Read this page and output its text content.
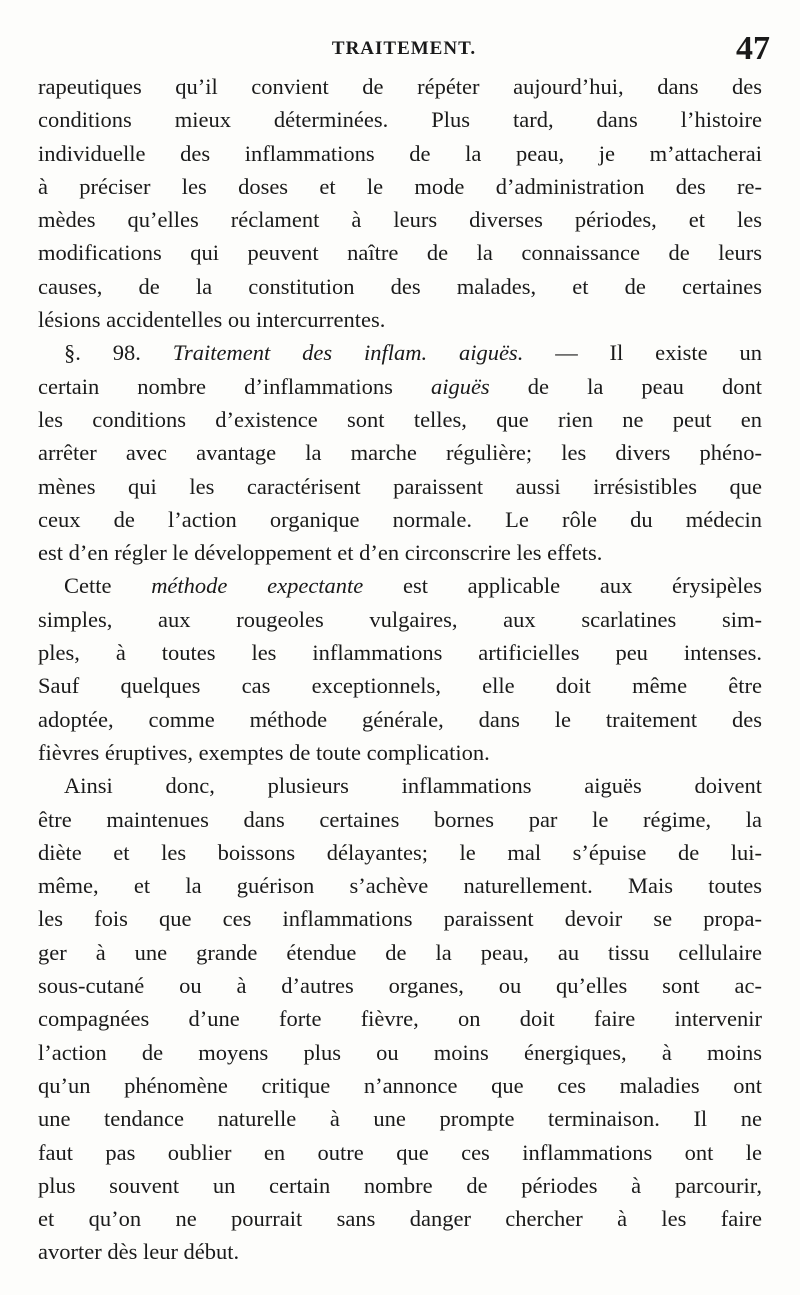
TRAITEMENT.	47
rapeutiques qu’il convient de répéter aujourd’hui, dans des
conditions mieux déterminées. Plus tard, dans l’histoire
individuelle des inflammations de la peau, je m’attacherai
à préciser les doses et le mode d’administration des re-
mèdes qu’elles réclament à leurs diverses périodes, et les
modifications qui peuvent naître de la connaissance de leurs
causes, de la constitution des malades, et de certaines
lésions accidentelles ou intercurrentes.
§. 98. Traitement des inflam. aiguës. — Il existe un
certain nombre d’inflammations aiguës de la peau dont
les conditions d’existence sont telles, que rien ne peut en
arrêter avec avantage la marche régulière; les divers phéno-
mènes qui les caractérisent paraissent aussi irrésistibles que
ceux de l’action organique normale. Le rôle du médecin
est d’en régler le développement et d’en circonscrire les effets.
Cette méthode expectante est applicable aux érysipèles
simples, aux rougeoles vulgaires, aux scarlatines sim-
ples, à toutes les inflammations artificielles peu intenses.
Sauf quelques cas exceptionnels, elle doit même être
adoptée, comme méthode générale, dans le traitement des
fièvres éruptives, exemptes de toute complication.
Ainsi donc, plusieurs inflammations aiguës doivent
être maintenues dans certaines bornes par le régime, la
diète et les boissons délayantes; le mal s’épuise de lui-
même, et la guérison s’achève naturellement. Mais toutes
les fois que ces inflammations paraissent devoir se propa-
ger à une grande étendue de la peau, au tissu cellulaire
sous-cutané ou à d’autres organes, ou qu’elles sont ac-
compagnées d’une forte fièvre, on doit faire intervenir
l’action de moyens plus ou moins énergiques, à moins
qu’un phénomène critique n’annonce que ces maladies ont
une tendance naturelle à une prompte terminaison. Il ne
faut pas oublier en outre que ces inflammations ont le
plus souvent un certain nombre de périodes à parcourir,
et qu’on ne pourrait sans danger chercher à les faire
avorter dès leur début.
